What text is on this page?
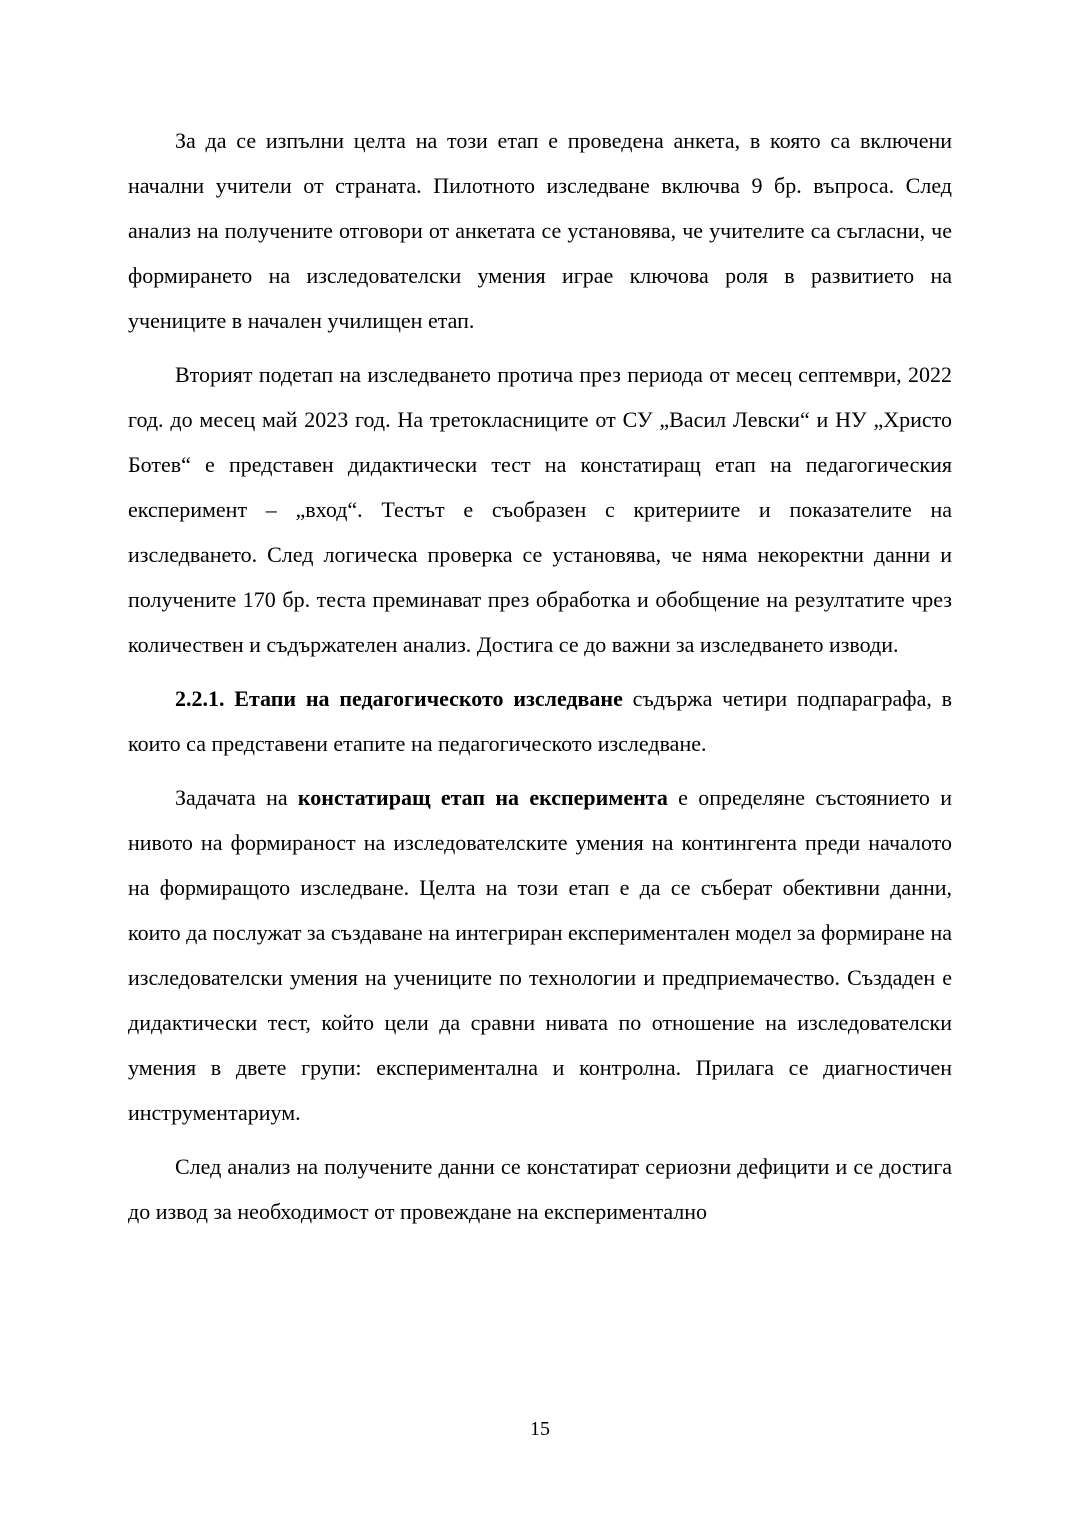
За да се изпълни целта на този етап е проведена анкета, в която са включени начални учители от страната. Пилотното изследване включва 9 бр. въпроса. След анализ на получените отговори от анкетата се установява, че учителите са съгласни, че формирането на изследователски умения играе ключова роля в развитието на учениците в начален училищен етап.

Вторият подетап на изследването протича през периода от месец септември, 2022 год. до месец май 2023 год. На третокласниците от СУ „Васил Левски“ и НУ „Христо Ботев“ е представен дидактически тест на констатиращ етап на педагогическия експеримент – „вход“. Тестът е съобразен с критериите и показателите на изследването. След логическа проверка се установява, че няма некоректни данни и получените 170 бр. теста преминават през обработка и обобщение на резултатите чрез количествен и съдържателен анализ. Достига се до важни за изследването изводи.

2.2.1. Етапи на педагогическото изследване съдържа четири подпараграфа, в които са представени етапите на педагогическото изследване.

Задачата на констатиращ етап на експеримента е определяне състоянието и нивото на формираност на изследователските умения на контингента преди началото на формиращото изследване. Целта на този етап е да се съберат обективни данни, които да послужат за създаване на интегриран експериментален модел за формиране на изследователски умения на учениците по технологии и предприемачество. Създаден е дидактически тест, който цели да сравни нивата по отношение на изследователски умения в двете групи: експериментална и контролна. Прилага се диагностичен инструментариум.

След анализ на получените данни се констатират сериозни дефицити и се достига до извод за необходимост от провеждане на експериментално

15
